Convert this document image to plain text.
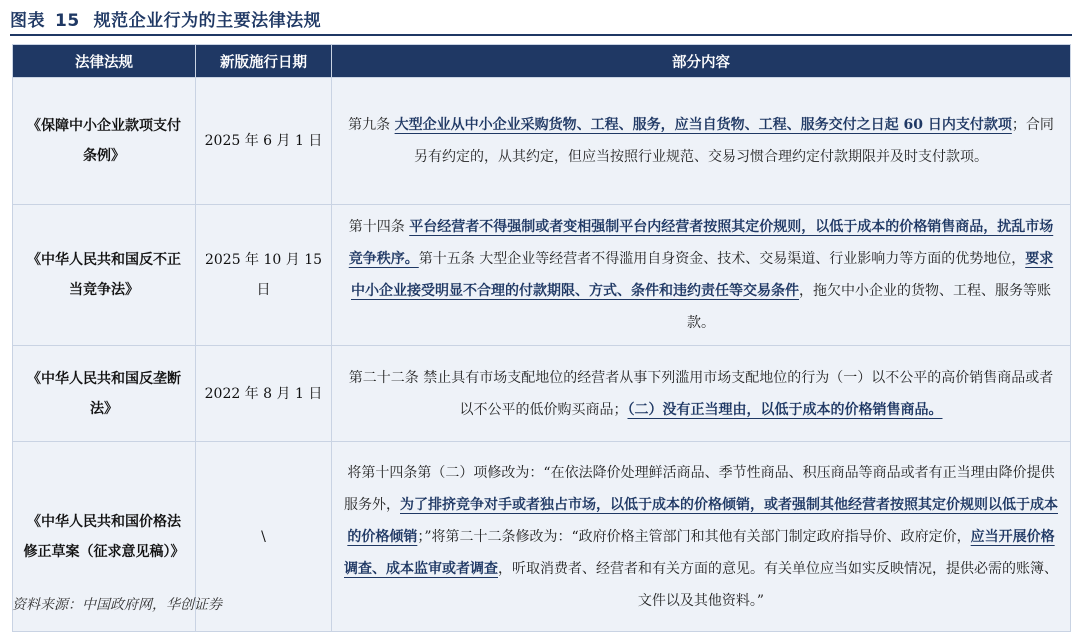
图表 15 规范企业行为的主要法律法规
法律法规	新版施行日期	部分内容
《保障中小企业款项支付条例》	2025 年 6 月 1 日	第九条 大型企业从中小企业采购货物、工程、服务，应当自货物、工程、服务交付之日起 60 日内支付款项；合同另有约定的，从其约定，但应当按照行业规范、交易习惯合理约定付款期限并及时支付款项。
《中华人民共和国反不正当竞争法》	2025 年 10 月 15 日	第十四条 平台经营者不得强制或者变相强制平台内经营者按照其定价规则，以低于成本的价格销售商品，扰乱市场竞争秩序。第十五条 大型企业等经营者不得滥用自身资金、技术、交易渠道、行业影响力等方面的优势地位，要求中小企业接受明显不合理的付款期限、方式、条件和违约责任等交易条件，拖欠中小企业的货物、工程、服务等账款。
《中华人民共和国反垄断法》	2022 年 8 月 1 日	第二十二条 禁止具有市场支配地位的经营者从事下列滥用市场支配地位的行为（一）以不公平的高价销售商品或者以不公平的低价购买商品；（二）没有正当理由，以低于成本的价格销售商品。
《中华人民共和国价格法修正草案（征求意见稿）》	\	将第十四条第（二）项修改为：“在依法降价处理鲜活商品、季节性商品、积压商品等商品或者有正当理由降价提供服务外，为了排挤竞争对手或者独占市场，以低于成本的价格倾销，或者强制其他经营者按照其定价规则以低于成本的价格倾销；”将第二十二条修改为：“政府价格主管部门和其他有关部门制定政府指导价、政府定价，应当开展价格调查、成本监审或者调查，听取消费者、经营者和有关方面的意见。有关单位应当如实反映情况，提供必需的账簿、文件以及其他资料。”
资料来源：中国政府网，华创证券
